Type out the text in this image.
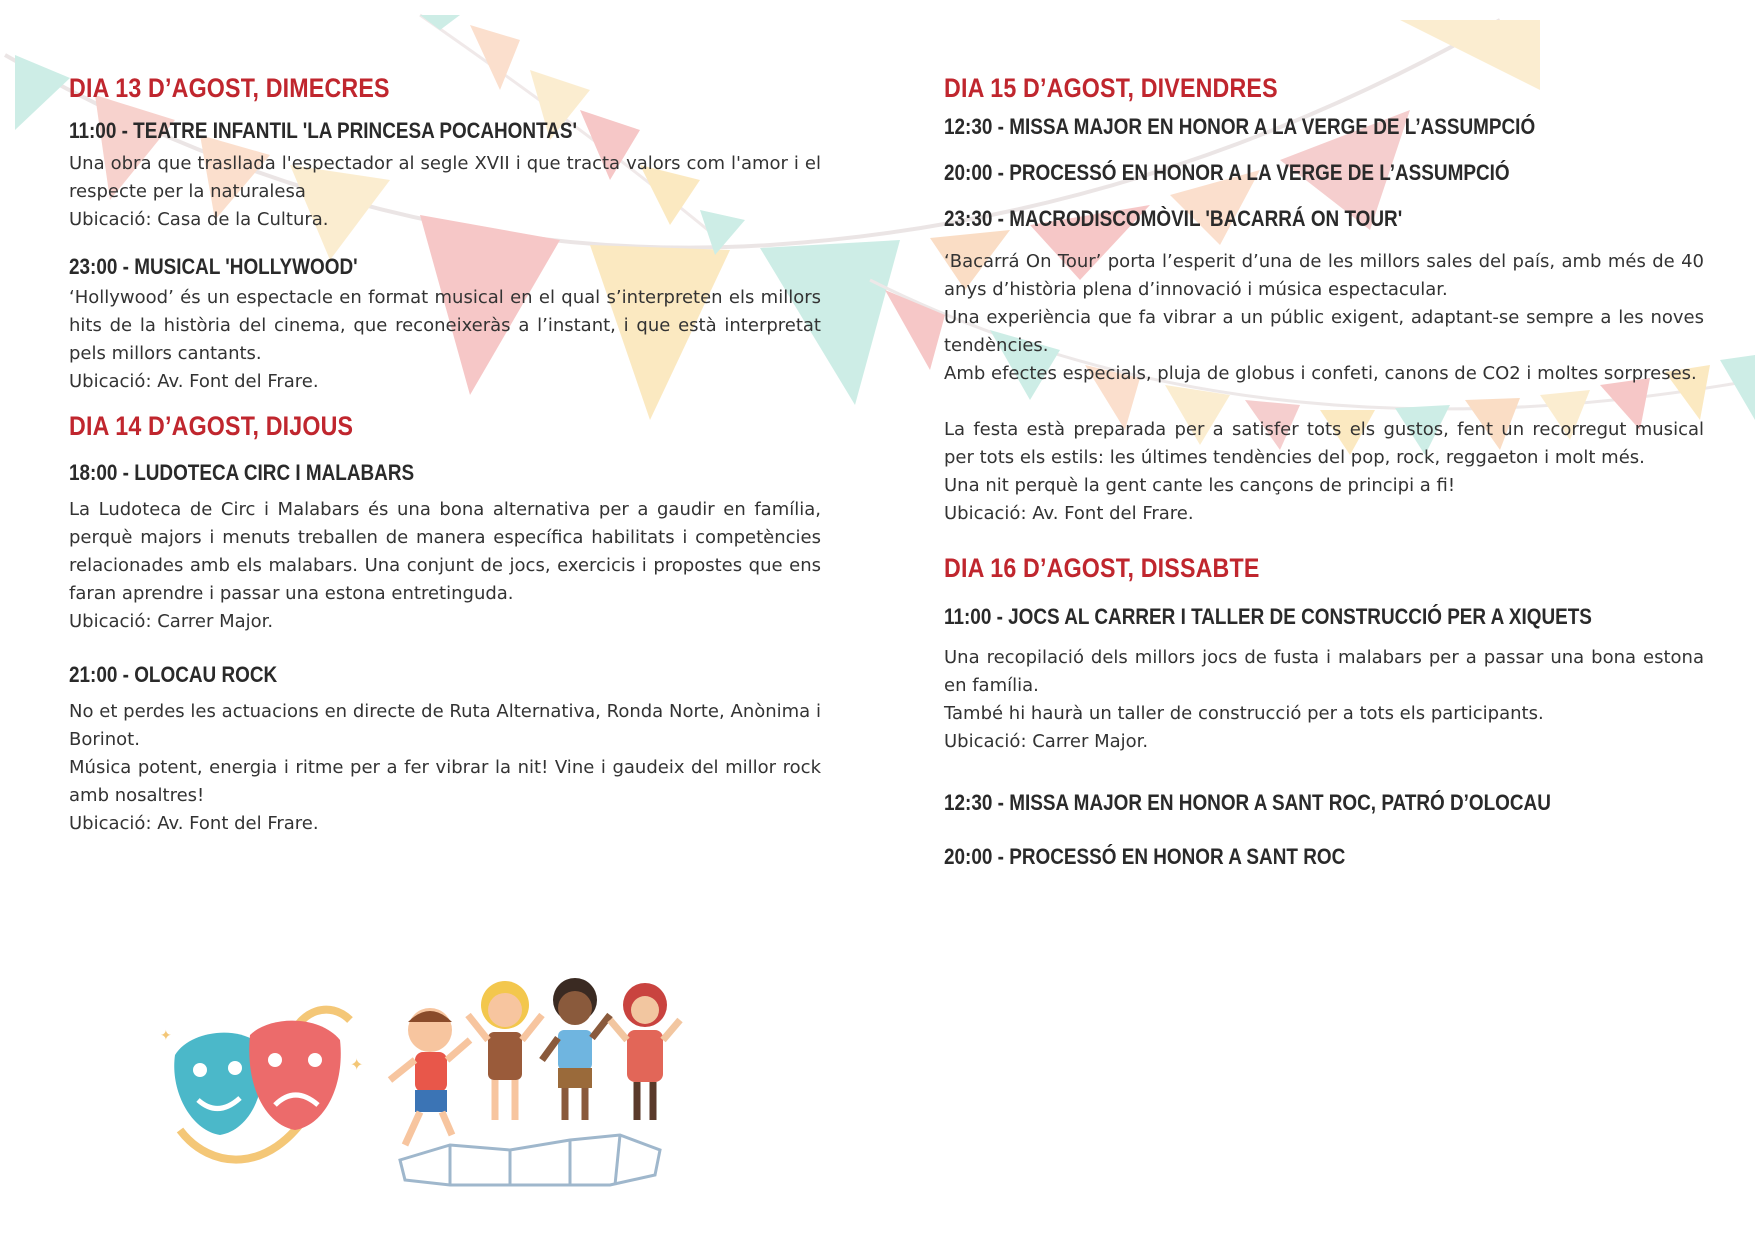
✦
✦
DIA 13 D’AGOST, DIMECRES
11:00 - TEATRE INFANTIL 'LA PRINCESA POCAHONTAS'

Una obra que trasllada l'espectador al segle XVII i que tracta valors com l'amor i el respecte per la naturalesa

Ubicació: Casa de la Cultura.

23:00 - MUSICAL 'HOLLYWOOD'

‘Hollywood’ és un espectacle en format musical en el qual s’interpreten els millors hits de la història del cinema, que reconeixeràs a l’instant, i que està interpretat pels millors cantants.

Ubicació: Av. Font del Frare.

DIA 14 D’AGOST, DIJOUS
18:00 - LUDOTECA CIRC I MALABARS

La Ludoteca de Circ i Malabars és una bona alternativa per a gaudir en família, perquè majors i menuts treballen de manera específica habilitats i competències relacionades amb els malabars. Una conjunt de jocs, exercicis i propostes que ens faran aprendre i passar una estona entretinguda.

Ubicació: Carrer Major.

21:00 - OLOCAU ROCK

No et perdes les actuacions en directe de Ruta Alternativa, Ronda Norte, Anònima i Borinot.

Música potent, energia i ritme per a fer vibrar la nit! Vine i gaudeix del millor rock amb nosaltres!

Ubicació: Av. Font del Frare.

DIA 15 D’AGOST, DIVENDRES
12:30 - MISSA MAJOR EN HONOR A LA VERGE DE L’ASSUMPCIÓ
20:00 - PROCESSÓ EN HONOR A LA VERGE DE L’ASSUMPCIÓ
23:30 - MACRODISCOMÒVIL 'BACARRÁ ON TOUR'

‘Bacarrá On Tour’ porta l’esperit d’una de les millors sales del país, amb més de 40 anys d’història plena d’innovació i música espectacular.

Una experiència que fa vibrar a un públic exigent, adaptant-se sempre a les noves tendències.

Amb efectes especials, pluja de globus i confeti, canons de CO2 i moltes sorpreses.

La festa està preparada per a satisfer tots els gustos, fent un recorregut musical per tots els estils: les últimes tendències del pop, rock, reggaeton i molt més.

Una nit perquè la gent cante les cançons de principi a fi!

Ubicació: Av. Font del Frare.

DIA 16 D’AGOST, DISSABTE
11:00 - JOCS AL CARRER I TALLER DE CONSTRUCCIÓ PER A XIQUETS

Una recopilació dels millors jocs de fusta i malabars per a passar una bona estona en família.

També hi haurà un taller de construcció per a tots els participants.

Ubicació: Carrer Major.

12:30 - MISSA MAJOR EN HONOR A SANT ROC, PATRÓ D’OLOCAU
20:00 - PROCESSÓ EN HONOR A SANT ROC
